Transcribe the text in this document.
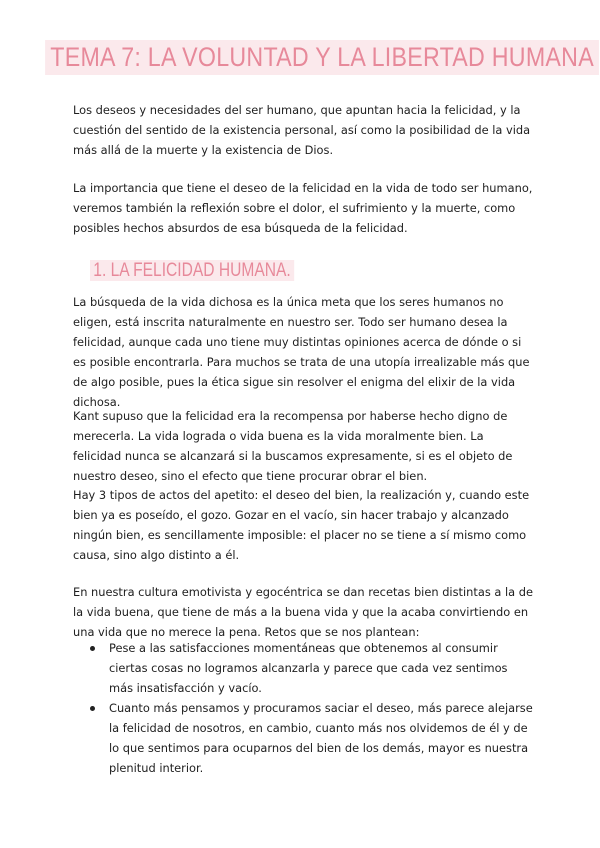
TEMA 7: LA VOLUNTAD Y LA LIBERTAD HUMANA

Los deseos y necesidades del ser humano, que apuntan hacia la felicidad, y la cuestión del sentido de la existencia personal, así como la posibilidad de la vida más allá de la muerte y la existencia de Dios.

La importancia que tiene el deseo de la felicidad en la vida de todo ser humano, veremos también la reflexión sobre el dolor, el sufrimiento y la muerte, como posibles hechos absurdos de esa búsqueda de la felicidad.

1. LA FELICIDAD HUMANA.

La búsqueda de la vida dichosa es la única meta que los seres humanos no eligen, está inscrita naturalmente en nuestro ser. Todo ser humano desea la felicidad, aunque cada uno tiene muy distintas opiniones acerca de dónde o si es posible encontrarla. Para muchos se trata de una utopía irrealizable más que de algo posible, pues la ética sigue sin resolver el enigma del elixir de la vida dichosa.

Kant supuso que la felicidad era la recompensa por haberse hecho digno de merecerla. La vida lograda o vida buena es la vida moralmente bien. La felicidad nunca se alcanzará si la buscamos expresamente, si es el objeto de nuestro deseo, sino el efecto que tiene procurar obrar el bien.

Hay 3 tipos de actos del apetito: el deseo del bien, la realización y, cuando este bien ya es poseído, el gozo. Gozar en el vacío, sin hacer trabajo y alcanzado ningún bien, es sencillamente imposible: el placer no se tiene a sí mismo como causa, sino algo distinto a él.

En nuestra cultura emotivista y egocéntrica se dan recetas bien distintas a la de la vida buena, que tiene de más a la buena vida y que la acaba convirtiendo en una vida que no merece la pena. Retos que se nos plantean:

Pese a las satisfacciones momentáneas que obtenemos al consumir ciertas cosas no logramos alcanzarla y parece que cada vez sentimos más insatisfacción y vacío.
Cuanto más pensamos y procuramos saciar el deseo, más parece alejarse la felicidad de nosotros, en cambio, cuanto más nos olvidemos de él y de lo que sentimos para ocuparnos del bien de los demás, mayor es nuestra plenitud interior.
